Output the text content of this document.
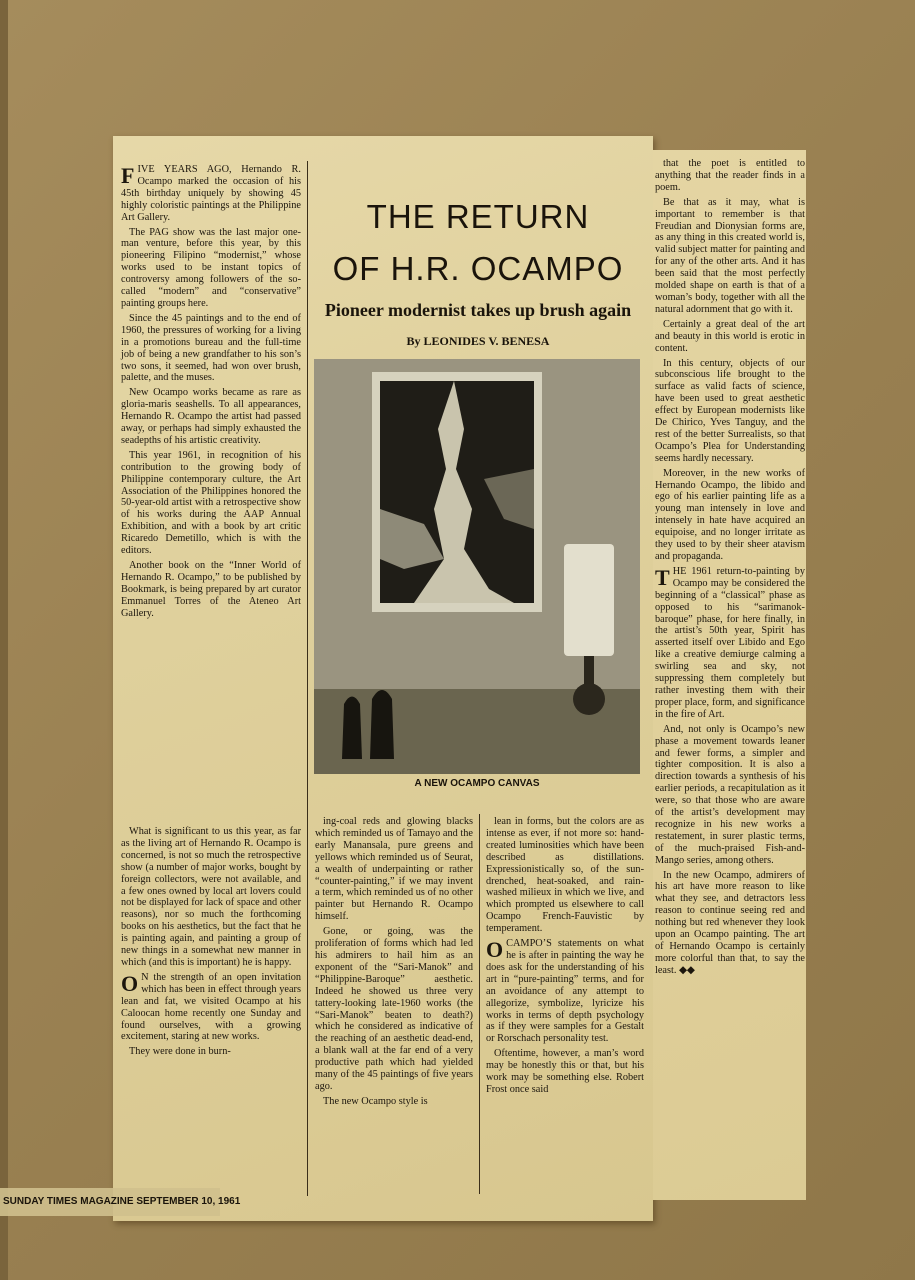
FIVE YEARS AGO, Hernando R. Ocampo marked the occasion of his 45th birthday uniquely by showing 45 highly coloristic paintings at the Philippine Art Gallery.

The PAG show was the last major one-man venture, before this year, by this pioneering Filipino “modernist,” whose works used to be instant topics of controversy among followers of the so-called “modern” and “conservative” painting groups here.

Since the 45 paintings and to the end of 1960, the pressures of working for a living in a promotions bureau and the full-time job of being a new grandfather to his son’s two sons, it seemed, had won over brush, palette, and the muses.

New Ocampo works became as rare as gloria-maris seashells. To all appearances, Hernando R. Ocampo the artist had passed away, or perhaps had simply exhausted the seadepths of his artistic creativity.

This year 1961, in recognition of his contribution to the growing body of Philippine contemporary culture, the Art Association of the Philippines honored the 50-year-old artist with a retrospective show of his works during the AAP Annual Exhibition, and with a book by art critic Ricaredo Demetillo, which is with the editors.

Another book on the “Inner World of Hernando R. Ocampo,” to be published by Bookmark, is being prepared by art curator Emmanuel Torres of the Ateneo Art Gallery.

What is significant to us this year, as far as the living art of Hernando R. Ocampo is concerned, is not so much the retrospective show (a number of major works, bought by foreign collectors, were not available, and a few ones owned by local art lovers could not be displayed for lack of space and other reasons), nor so much the forthcoming books on his aesthetics, but the fact that he is painting again, and painting a group of new things in a somewhat new manner in which (and this is important) he is happy.

O N the strength of an open invitation which has been in effect through years lean and fat, we visited Ocampo at his Caloocan home recently one Sunday and found ourselves, with a growing excitement, staring at new works.

They were done in burn-

THE RETURN
OF H.R. OCAMPO
Pioneer modernist takes up brush again
By LEONIDES V. BENESA
A NEW OCAMPO CANVAS

ing-coal reds and glowing blacks which reminded us of Tamayo and the early Manansala, pure greens and yellows which reminded us of Seurat, a wealth of underpainting or rather “counter-painting,” if we may invent a term, which reminded us of no other painter but Hernando R. Ocampo himself.

Gone, or going, was the proliferation of forms which had led his admirers to hail him as an exponent of the “Sari-Manok” and “Philippine-Baroque” aesthetic. Indeed he showed us three very tattery-looking late-1960 works (the “Sari-Manok” beaten to death?) which he considered as indicative of the reaching of an aesthetic dead-end, a blank wall at the far end of a very productive path which had yielded many of the 45 paintings of five years ago.

The new Ocampo style is

lean in forms, but the colors are as intense as ever, if not more so: hand-created luminosities which have been described as distillations. Expressionistically so, of the sun-drenched, heat-soaked, and rain-washed milieux in which we live, and which prompted us elsewhere to call Ocampo French-Fauvistic by temperament.

OCAMPO’S statements on what he is after in painting the way he does ask for the understanding of his art in “pure-painting” terms, and for an avoidance of any attempt to allegorize, symbolize, lyricize his works in terms of depth psychology as if they were samples for a Gestalt or Rorschach personality test.

Oftentime, however, a man’s word may be honestly this or that, but his work may be something else. Robert Frost once said

that the poet is entitled to anything that the reader finds in a poem.

Be that as it may, what is important to remember is that Freudian and Dionysian forms are, as any thing in this created world is, valid subject matter for painting and for any of the other arts. And it has been said that the most perfectly molded shape on earth is that of a woman’s body, together with all the natural adornment that go with it.

Certainly a great deal of the art and beauty in this world is erotic in content.

In this century, objects of our subconscious life brought to the surface as valid facts of science, have been used to great aesthetic effect by European modernists like De Chirico, Yves Tanguy, and the rest of the better Surrealists, so that Ocampo’s Plea for Understanding seems hardly necessary.

Moreover, in the new works of Hernando Ocampo, the libido and ego of his earlier painting life as a young man intensely in love and intensely in hate have acquired an equipoise, and no longer irritate as they used to by their sheer atavism and propaganda.

THE 1961 return-to-painting by Ocampo may be considered the beginning of a “classical” phase as opposed to his “sarimanok-baroque” phase, for here finally, in the artist’s 50th year, Spirit has asserted itself over Libido and Ego like a creative demiurge calming a swirling sea and sky, not suppressing them completely but rather investing them with their proper place, form, and significance in the fire of Art.

And, not only is Ocampo’s new phase a movement towards leaner and fewer forms, a simpler and tighter composition. It is also a direction towards a synthesis of his earlier periods, a recapitulation as it were, so that those who are aware of the artist’s development may recognize in his new works a restatement, in surer plastic terms, of the much-praised Fish-and-Mango series, among others.

In the new Ocampo, admirers of his art have more reason to like what they see, and detractors less reason to continue seeing red and nothing but red whenever they look upon an Ocampo painting. The art of Hernando Ocampo is certainly more colorful than that, to say the least. ◆◆

SUNDAY TIMES MAGAZINE SEPTEMBER 10, 1961
